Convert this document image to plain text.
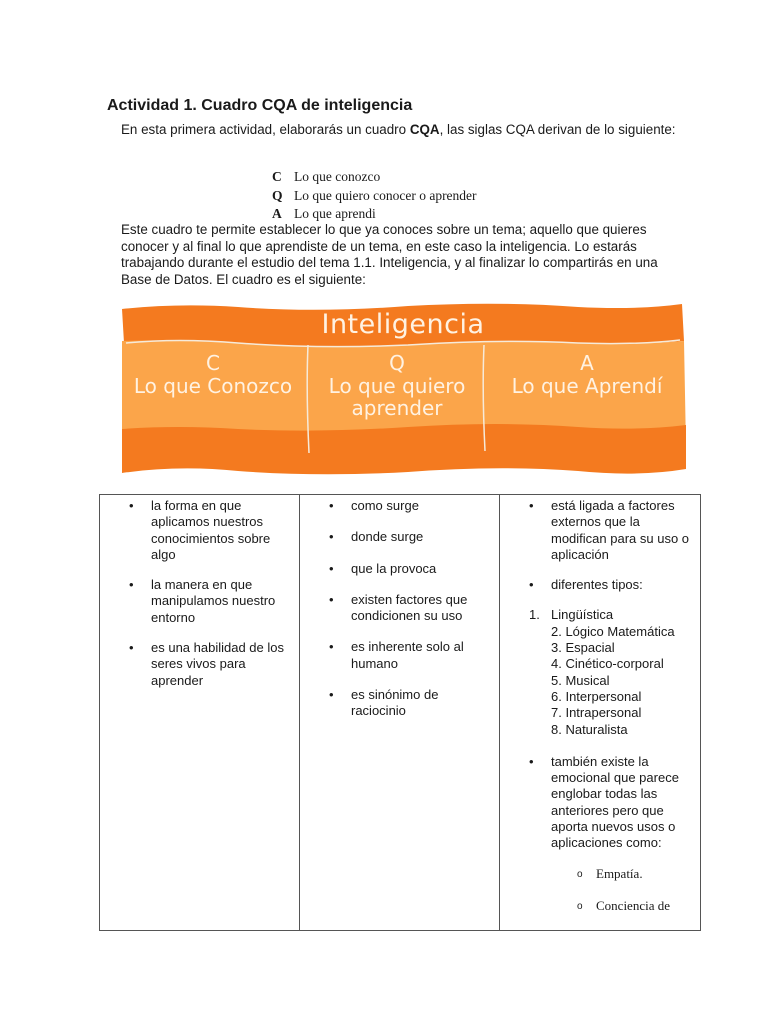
Actividad 1. Cuadro CQA de inteligencia

En esta primera actividad, elaborarás un cuadro CQA, las siglas CQA derivan de lo siguiente:

C Lo que conozco
Q Lo que quiero conocer o aprender
A Lo que aprendi

Este cuadro te permite establecer lo que ya conoces sobre un tema; aquello que quieres conocer y al final lo que aprendiste de un tema, en este caso la inteligencia. Lo estarás trabajando durante el estudio del tema 1.1. Inteligencia, y al finalizar lo compartirás en una Base de Datos. El cuadro es el siguiente:

Inteligencia
C
Lo que Conozco
Q
Lo que quiero
aprender
A
Lo que Aprendí
• la forma en que aplicamos nuestros conocimientos sobre algo
• la manera en que manipulamos nuestro entorno
• es una habilidad de los seres vivos para aprender

• como surge
• donde surge
• que la provoca
• existen factores que condicionen su uso
• es inherente solo al humano
• es sinónimo de raciocinio

• está ligada a factores externos que la modifican para su uso o aplicación
• diferentes tipos:
1. Lingüística
2. Lógico Matemática
3. Espacial
4. Cinético-corporal
5. Musical
6. Interpersonal
7. Intrapersonal
8. Naturalista
• también existe la emocional que parece englobar todas las anteriores pero que aporta nuevos usos o aplicaciones como:
o Empatía.
o Conciencia de
